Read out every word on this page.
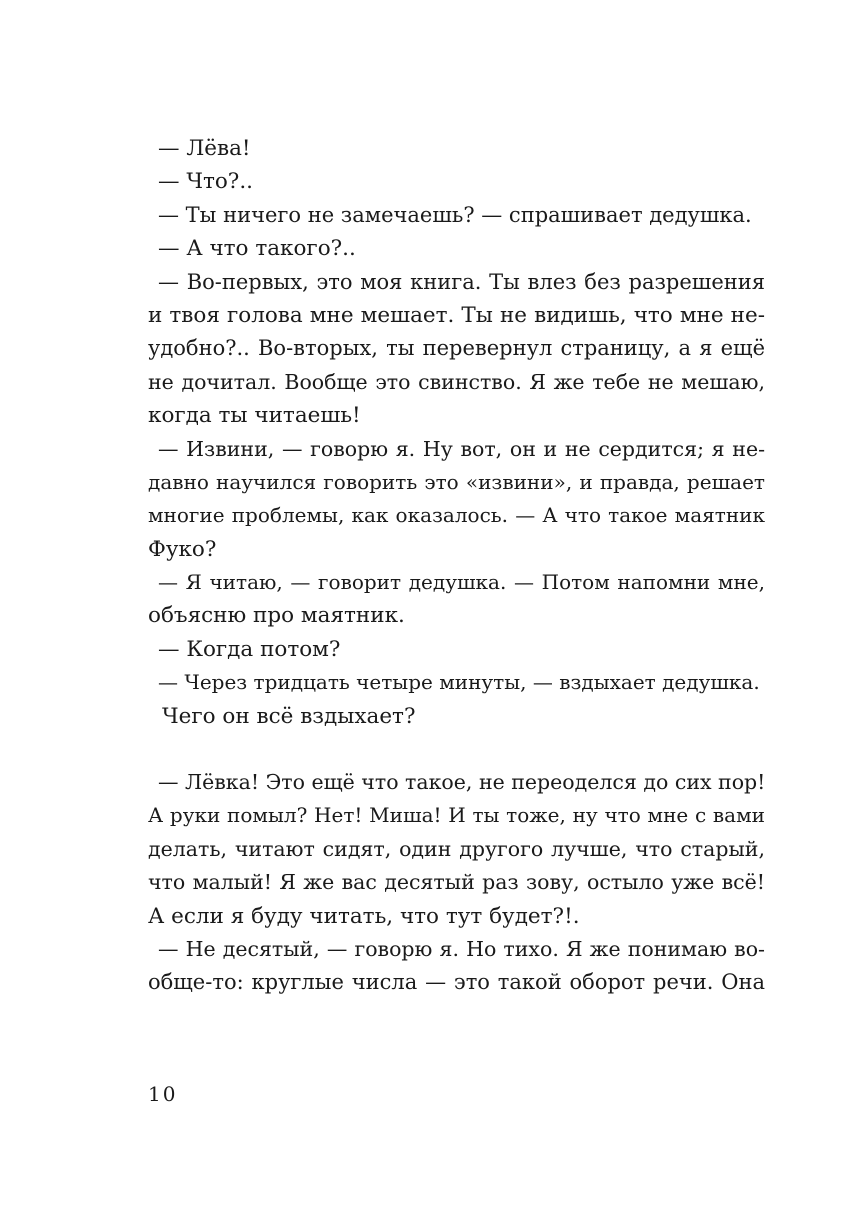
— Лёва!
— Что?..
— Ты ничего не замечаешь? — спрашивает дедушка.
— А что такого?..
— Во-первых, это моя книга. Ты влез без разрешения
и твоя голова мне мешает. Ты не видишь, что мне не-
удобно?.. Во-вторых, ты перевернул страницу, а я ещё
не дочитал. Вообще это свинство. Я же тебе не мешаю,
когда ты читаешь!
— Извини, — говорю я. Ну вот, он и не сердится; я не-
давно научился говорить это «извини», и правда, решает
многие проблемы, как оказалось. — А что такое маятник
Фуко?
— Я читаю, — говорит дедушка. — Потом напомни мне,
объясню про маятник.
— Когда потом?
— Через тридцать четыре минуты, — вздыхает дедушка.
Чего он всё вздыхает?
— Лёвка! Это ещё что такое, не переоделся до сих пор!
А руки помыл? Нет! Миша! И ты тоже, ну что мне с вами
делать, читают сидят, один другого лучше, что старый,
что малый! Я же вас десятый раз зову, остыло уже всё!
А если я буду читать, что тут будет?!.
— Не десятый, — говорю я. Но тихо. Я же понимаю во-
обще-то: круглые числа — это такой оборот речи. Она
10
